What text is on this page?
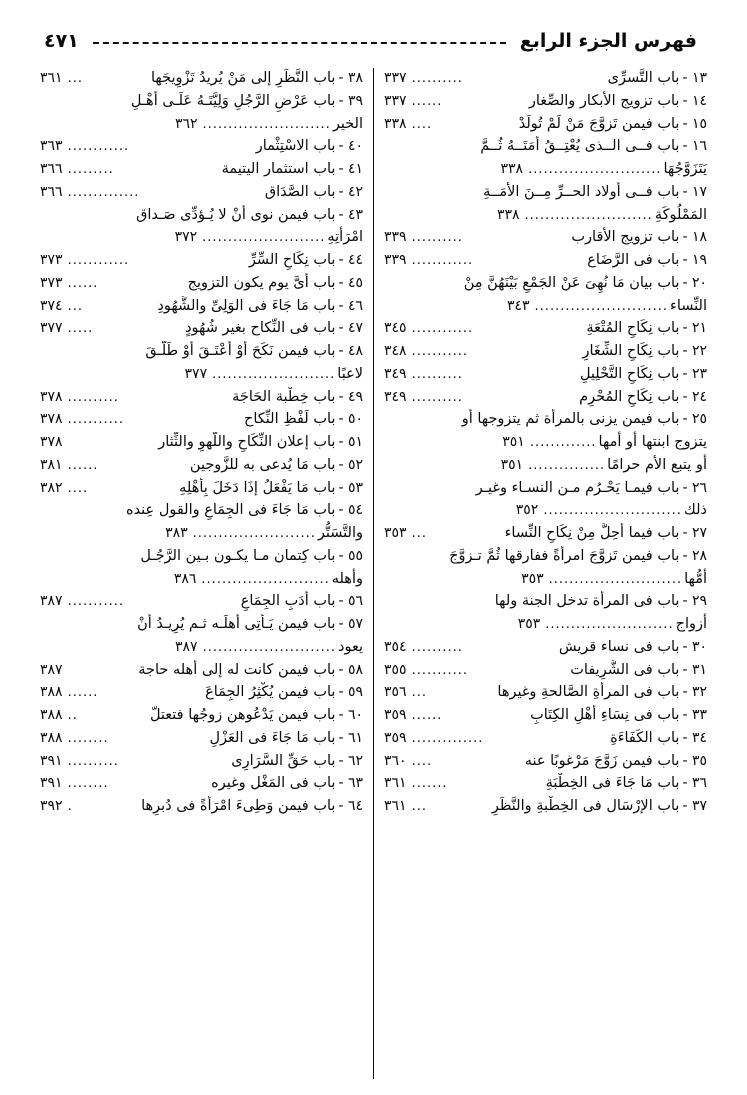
فهرس الجزء الرابع
٤٧١
١٣ -
باب التَّسرِّى
..........
٣٣٧
١٤ -
باب تزويج الأبكار والصِّغار
......
٣٣٧
١٥ -
باب فيمن تَزوَّجَ مَنْ لَمْ تُولَدْ
....
٣٣٨
١٦ -
باب فــى الــذى يُعْتِــقُ أمَتَــهُ ثُــمَّ
يَتَزَوَّجُهَا
..........................
٣٣٨
١٧ -
باب فــى أولاد الحــرِّ مِــنَ الأمَــةِ
المَمْلُوكَةِ
.........................
٣٣٨
١٨ -
باب تزويج الأقارب
..........
٣٣٩
١٩ -
باب فى الرَّضَاع
............
٣٣٩
٢٠ -
باب بيان مَا نُهِىَ عَنْ الجَمْعِ بَيْنَهُنَّ مِنْ
النِّساء
..........................
٣٤٣
٢١ -
باب نِكَاحِ المُتْعَةِ
............
٣٤٥
٢٢ -
باب نِكَاحِ الشِّغَارِ
...........
٣٤٨
٢٣ -
باب نِكَاحِ التَّحْلِيلِ
..........
٣٤٩
٢٤ -
باب نِكَاحِ المُحْرِم
..........
٣٤٩
٢٥ -
باب فيمن يزنى بالمرأة ثم يتزوجها أو
يتزوج ابنتها أو أمها
.............
٣٥١
أو يتبع الأم حرامًا
...............
٣٥١
٢٦ -
باب فيمـا يَحْـرُم مـن النسـاء وغيـر
ذلك
...........................
٣٥٢
٢٧ -
باب فيما أُحِلَّ مِنْ نِكَاحِ النِّساء
...
٣٥٣
٢٨ -
باب فيمن تَزوَّجَ امرأةً ففارقها ثُمَّ تـزوَّجَ
أمُّها
..........................
٣٥٣
٢٩ -
باب فى المرأة تدخل الجنة ولها
أزواج
.........................
٣٥٣
٣٠ -
باب فى نساء قريش
..........
٣٥٤
٣١ -
باب فى الشَّرِيفات
...........
٣٥٥
٣٢ -
باب فى المرأةِ الصَّالحةِ وغيرها
...
٣٥٦
٣٣ -
باب فى نِسَاءِ أَهْلِ الكِتَابِ
......
٣٥٩
٣٤ -
باب الكَفَاءَةِ
..............
٣٥٩
٣٥ -
باب فيمن زَوَّجَ مَرْغوبًا عنه
....
٣٦٠
٣٦ -
باب مَا جَاءَ فى الخِطْبَةِ
.......
٣٦١
٣٧ -
باب الإرْسَال فى الخِطْبةِ والنَّظَرِ
...
٣٦١
٣٨ -
باب النَّظَرِ إلى مَنْ يُريدُ تَزْوِيجَها
...
٣٦١
٣٩ -
باب عَرْضِ الرَّجُلِ وَلِيَّتَـهُ عَلَـى أَهْـلِ
الخير
.........................
٣٦٢
٤٠ -
باب الاسْتِثْمار
............
٣٦٣
٤١ -
باب استثمار اليتيمة
.........
٣٦٦
٤٢ -
باب الصَّدَاق
..............
٣٦٦
٤٣ -
باب فيمن نوى أَنْ لا يُـؤدِّى صَـداق
امْرَأتِهِ
........................
٣٧٢
٤٤ -
باب نِكَاحِ السِّرِّ
............
٣٧٣
٤٥ -
باب أىَّ يوم يكون التزويج
......
٣٧٣
٤٦ -
باب مَا جَاءَ فى الوَلِىِّ والشُّهُودِ
...
٣٧٤
٤٧ -
باب فى النِّكاح بغير شُهُودٍ
.....
٣٧٧
٤٨ -
باب فيمن نَكَحَ أَوْ أَعْتَـقَ أَوْ طَلَّـقَ
لاعبًا
........................
٣٧٧
٤٩ -
باب خِطْبة الحَاجَة
..........
٣٧٨
٥٠ -
باب لَفْظِ النِّكاح
...........
٣٧٨
٥١ -
باب إعلان النِّكَاحِ واللَّهوِ والثِّثار
٣٧٨
٥٢ -
باب مَا يُدعى به للزَّوجين
......
٣٨١
٥٣ -
باب مَا يَفْعَلُ إذَا دَخَلَ بِأَهْلِهِ
....
٣٨٢
٥٤ -
باب مَا جَاءَ فى الجِمَاعِ والقول عِنده
والتَّسَتُّر
........................
٣٨٣
٥٥ -
باب كِتمان مـا يكـون بـين الرَّجُـل
وأهله
.........................
٣٨٦
٥٦ -
باب أَدَبِ الجِمَاعِ
...........
٣٨٧
٥٧ -
باب فيمن يَـأتِى أَهلَـه ثـم يُرِيـدُ أَنْ
يعود
..........................
٣٨٧
٥٨ -
باب فيمن كانت له إلى أهله حاجة
٣٨٧
٥٩ -
باب فيمن يُكْثِرُ الجِمَاعَ
......
٣٨٨
٦٠ -
باب فيمن يَدْعُوهن زوجُها فتعتلّ
..
٣٨٨
٦١ -
باب مَا جَاءَ فى العَزْلِ
........
٣٨٨
٦٢ -
باب حَقِّ السَّرَارِى
..........
٣٩١
٦٣ -
باب فى المَغْل وغيره
........
٣٩١
٦٤ -
باب فيمن وَطِىءَ امْرَأةً فى دُبرِها
.
٣٩٢
